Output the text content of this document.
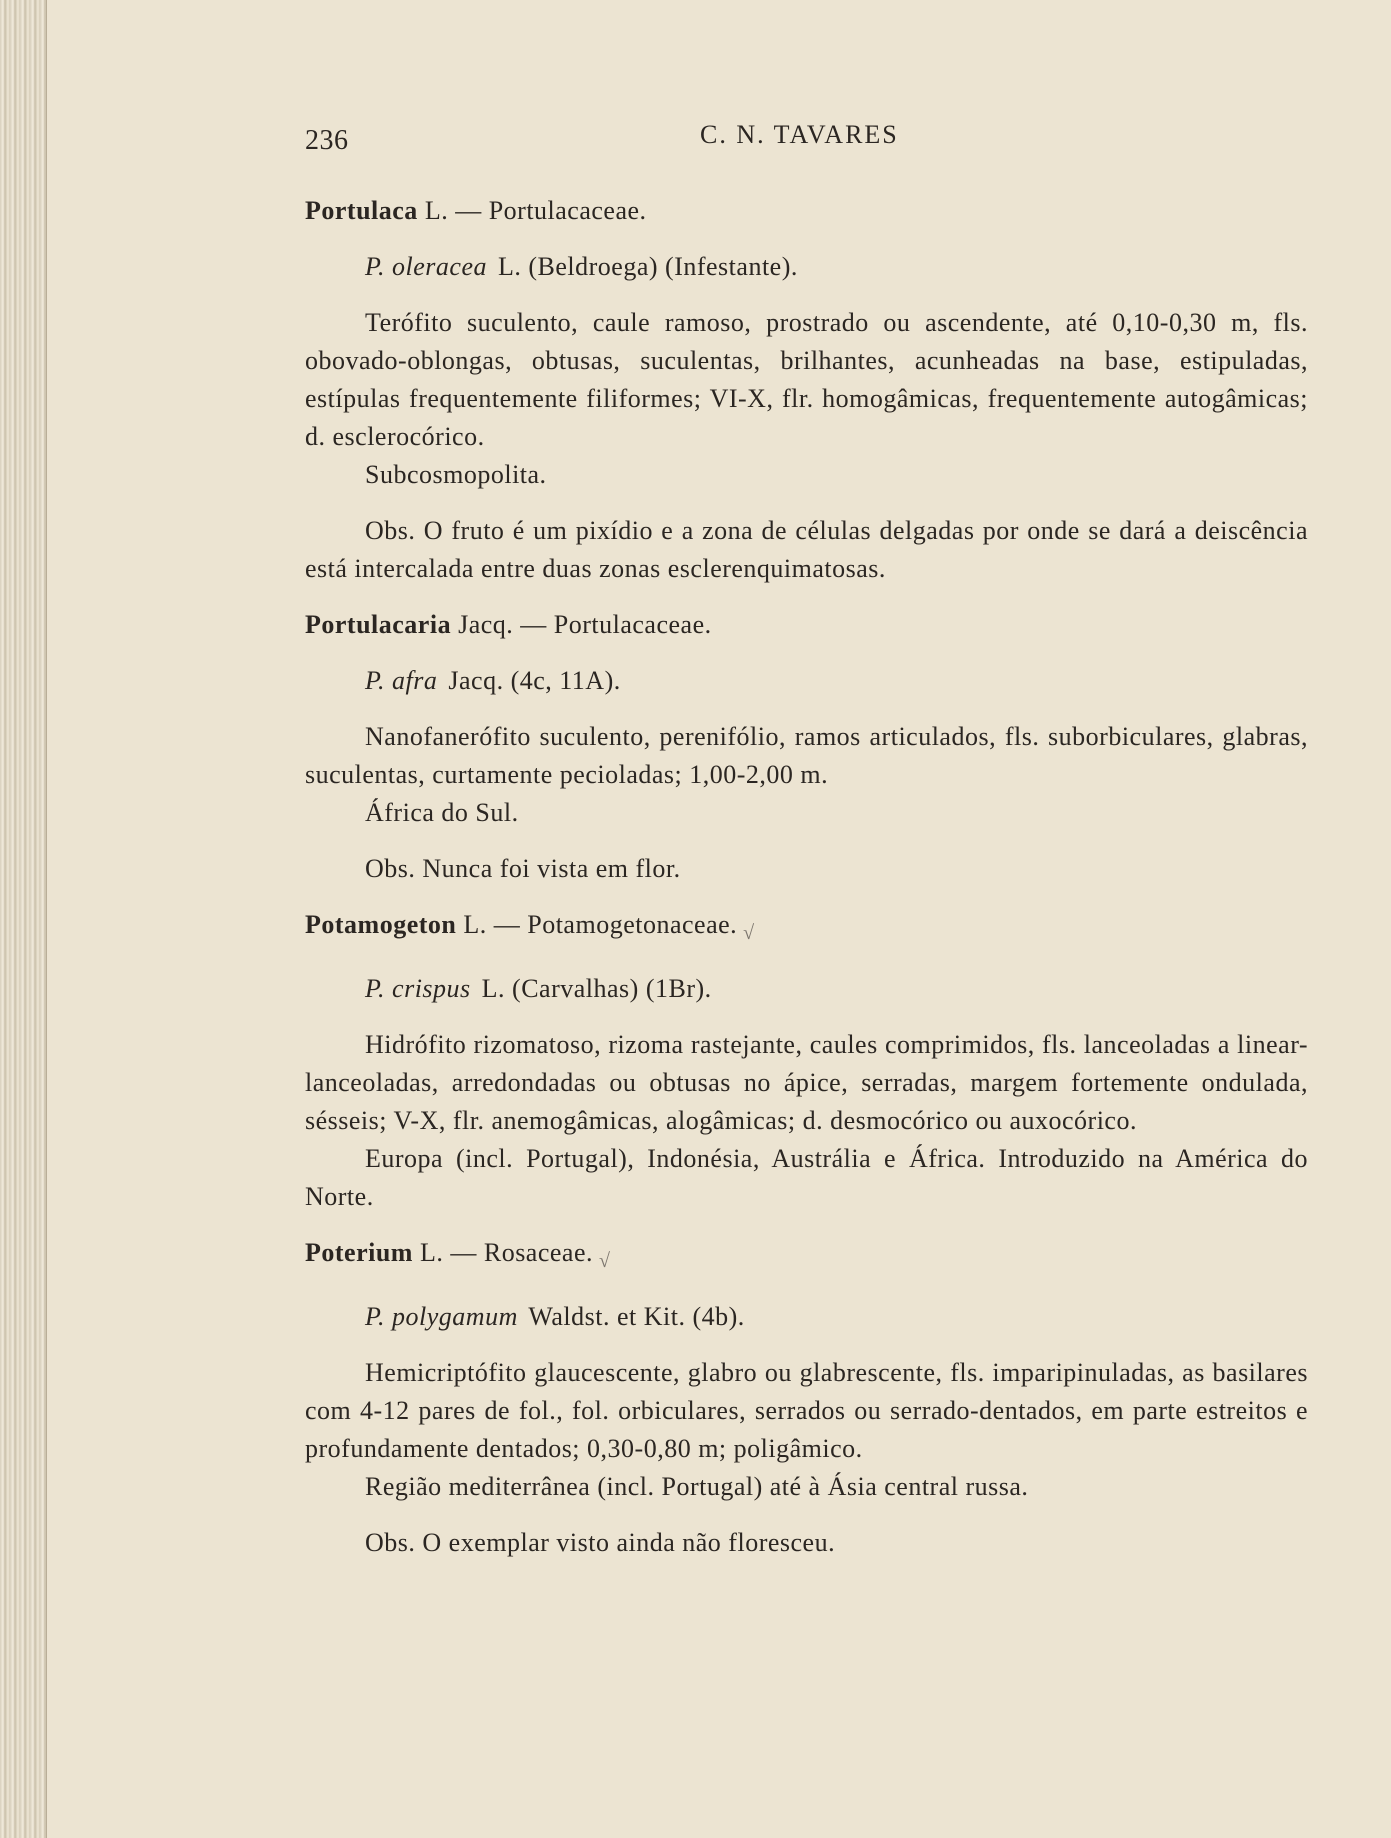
236	C. N. TAVARES

Portulaca L. — Portulacaceae.

P. oleracea L. (Beldroega) (Infestante).

Terófito suculento, caule ramoso, prostrado ou ascendente, até 0,10-0,30 m, fls. obovado-oblongas, obtusas, suculentas, brilhantes, acunheadas na base, estipuladas, estípulas frequentemente filiformes; VI-X, flr. homogâmicas, frequentemente autogâmicas; d. esclerocórico.

Subcosmopolita.

Obs. O fruto é um pixídio e a zona de células delgadas por onde se dará a deiscência está intercalada entre duas zonas esclerenquimatosas.

Portulacaria Jacq. — Portulacaceae.

P. afra Jacq. (4c, 11A).

Nanofanerófito suculento, perenifólio, ramos articulados, fls. suborbiculares, glabras, suculentas, curtamente pecioladas; 1,00-2,00 m.

África do Sul.

Obs. Nunca foi vista em flor.

Potamogeton L. — Potamogetonaceae. $_√$

P. crispus L. (Carvalhas) (1Br).

Hidrófito rizomatoso, rizoma rastejante, caules comprimidos, fls. lanceoladas a linear-lanceoladas, arredondadas ou obtusas no ápice, serradas, margem fortemente ondulada, sésseis; V-X, flr. anemogâmicas, alogâmicas; d. desmocórico ou auxocórico.

Europa (incl. Portugal), Indonésia, Austrália e África. Introduzido na América do Norte.

Poterium L. — Rosaceae. $_√$

P. polygamum Waldst. et Kit. (4b).

Hemicriptófito glaucescente, glabro ou glabrescente, fls. imparipinuladas, as basilares com 4-12 pares de fol., fol. orbiculares, serrados ou serrado-dentados, em parte estreitos e profundamente dentados; 0,30-0,80 m; poligâmico.

Região mediterrânea (incl. Portugal) até à Ásia central russa.

Obs. O exemplar visto ainda não floresceu.
